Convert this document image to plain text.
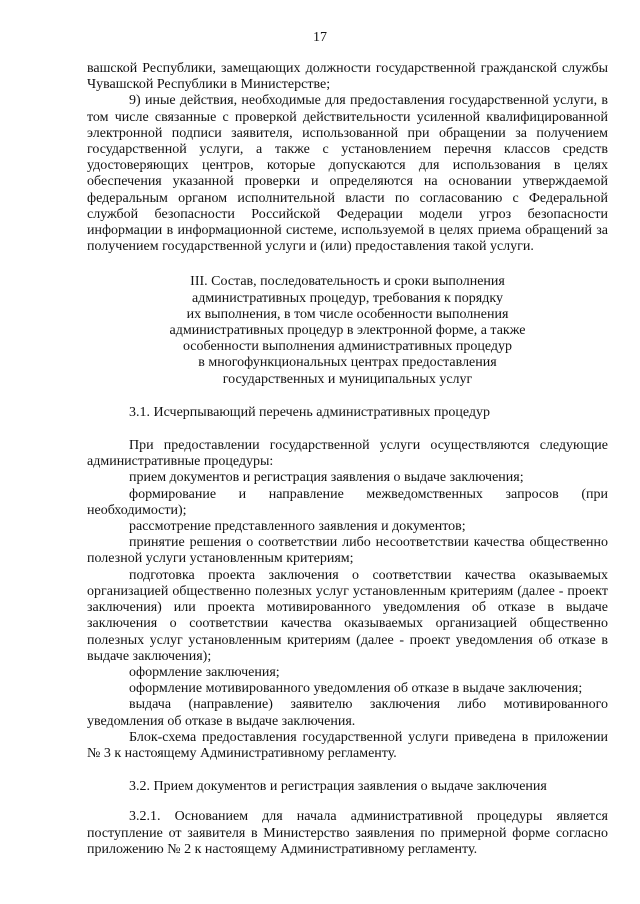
17

вашской Республики, замещающих должности государственной гражданской службы Чувашской Республики в Министерстве;

9) иные действия, необходимые для предоставления государственной услуги, в том числе связанные с проверкой действительности усиленной квалифицированной электронной подписи заявителя, использованной при обращении за получением государственной услуги, а также с установлением перечня классов средств удостоверяющих центров, которые допускаются для использования в целях обеспечения указанной проверки и определяются на основании утверждаемой федеральным органом исполнительной власти по согласованию с Федеральной службой безопасности Российской Федерации модели угроз безопасности информации в информационной системе, используемой в целях приема обращений за получением государственной услуги и (или) предоставления такой услуги.

III. Состав, последовательность и сроки выполнения
административных процедур, требования к порядку
их выполнения, в том числе особенности выполнения
административных процедур в электронной форме, а также
особенности выполнения административных процедур
в многофункциональных центрах предоставления
государственных и муниципальных услуг

3.1. Исчерпывающий перечень административных процедур

При предоставлении государственной услуги осуществляются следующие административные процедуры:

прием документов и регистрация заявления о выдаче заключения;

формирование и направление межведомственных запросов (при необходимости);

рассмотрение представленного заявления и документов;

принятие решения о соответствии либо несоответствии качества общественно полезной услуги установленным критериям;

подготовка проекта заключения о соответствии качества оказываемых организацией общественно полезных услуг установленным критериям (далее - проект заключения) или проекта мотивированного уведомления об отказе в выдаче заключения о соответствии качества оказываемых организацией общественно полезных услуг установленным критериям (далее - проект уведомления об отказе в выдаче заключения);

оформление заключения;

оформление мотивированного уведомления об отказе в выдаче заключения;

выдача (направление) заявителю заключения либо мотивированного уведомления об отказе в выдаче заключения.

Блок-схема предоставления государственной услуги приведена в приложении № 3 к настоящему Административному регламенту.

3.2. Прием документов и регистрация заявления о выдаче заключения

3.2.1. Основанием для начала административной процедуры является поступление от заявителя в Министерство заявления по примерной форме согласно приложению № 2 к настоящему Административному регламенту.
